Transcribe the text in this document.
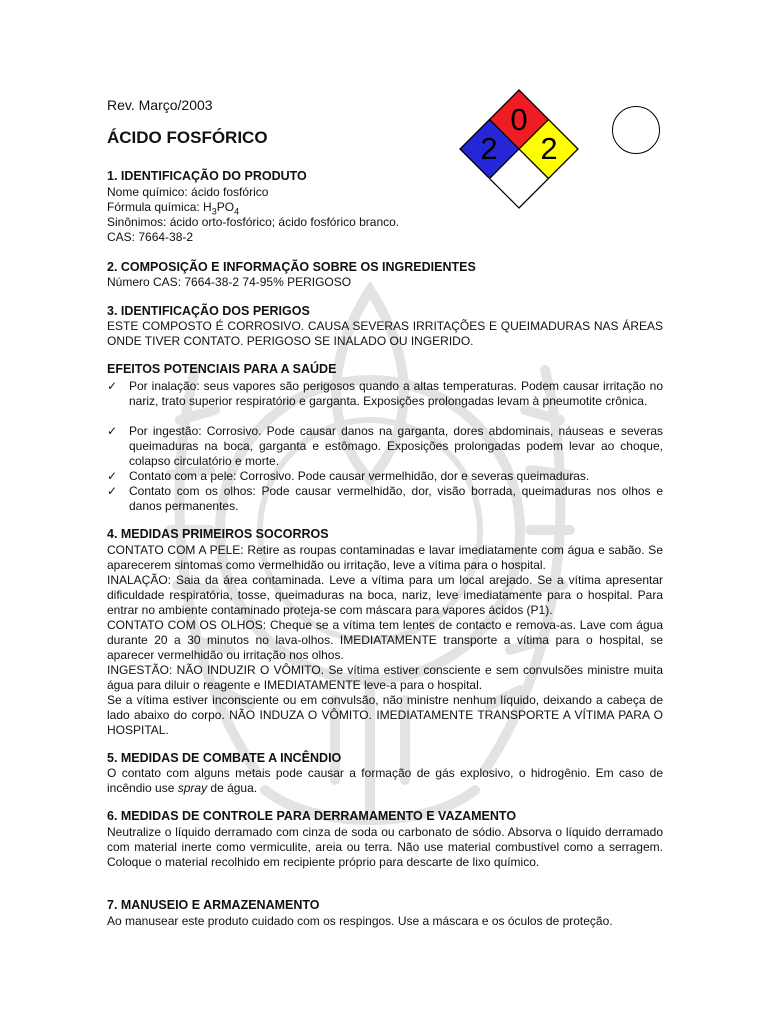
0
2 2
Rev. Março/2003
ÁCIDO FOSFÓRICO
1. IDENTIFICAÇÃO DO PRODUTO
Nome químico: ácido fosfórico
Fórmula química: $H_3PO_4$
Sinônimos: ácido orto-fosfórico; ácido fosfórico branco.
CAS: 7664-38-2
2. COMPOSIÇÃO E INFORMAÇÃO SOBRE OS INGREDIENTES
Número CAS: 7664-38-2 74-95% PERIGOSO
3. IDENTIFICAÇÃO DOS PERIGOS
ESTE COMPOSTO É CORROSIVO. CAUSA SEVERAS IRRITAÇÕES E QUEIMADURAS NAS ÁREAS ONDE TIVER CONTATO. PERIGOSO SE INALADO OU INGERIDO.
EFEITOS POTENCIAIS PARA A SAÚDE
✓ Por inalação: seus vapores são perigosos quando a altas temperaturas. Podem causar irritação no nariz, trato superior respiratório e garganta. Exposições prolongadas levam à pneumotite crônica.
✓ Por ingestão: Corrosivo. Pode causar danos na garganta, dores abdominais, náuseas e severas queimaduras na boca, garganta e estômago. Exposições prolongadas podem levar ao choque, colapso circulatório e morte.
✓ Contato com a pele: Corrosivo. Pode causar vermelhidão, dor e severas queimaduras.
✓ Contato com os olhos: Pode causar vermelhidão, dor, visão borrada, queimaduras nos olhos e danos permanentes.
4. MEDIDAS PRIMEIROS SOCORROS
CONTATO COM A PELE: Retire as roupas contaminadas e lavar imediatamente com água e sabão. Se aparecerem sintomas como vermelhidão ou irritação, leve a vítima para o hospital.
INALAÇÃO: Saia da área contaminada. Leve a vítima para um local arejado. Se a vítima apresentar dificuldade respiratória, tosse, queimaduras na boca, nariz, leve imediatamente para o hospital. Para entrar no ambiente contaminado proteja-se com máscara para vapores ácidos (P1).
CONTATO COM OS OLHOS: Cheque se a vítima tem lentes de contacto e remova-as. Lave com água durante 20 a 30 minutos no lava-olhos. IMEDIATAMENTE transporte a vítima para o hospital, se aparecer vermelhidão ou irritação nos olhos.
INGESTÃO: NÃO INDUZIR O VÔMITO. Se vítima estiver consciente e sem convulsões ministre muita água para diluir o reagente e IMEDIATAMENTE leve-a para o hospital.
Se a vítima estiver inconsciente ou em convulsão, não ministre nenhum líquido, deixando a cabeça de lado abaixo do corpo. NÃO INDUZA O VÔMITO. IMEDIATAMENTE TRANSPORTE A VÍTIMA PARA O HOSPITAL.
5. MEDIDAS DE COMBATE A INCÊNDIO
O contato com alguns metais pode causar a formação de gás explosivo, o hidrogênio. Em caso de incêndio use spray de água.
6. MEDIDAS DE CONTROLE PARA DERRAMAMENTO E VAZAMENTO
Neutralize o líquido derramado com cinza de soda ou carbonato de sódio. Absorva o líquido derramado com material inerte como vermiculite, areia ou terra. Não use material combustível como a serragem. Coloque o material recolhido em recipiente próprio para descarte de lixo químico.
7. MANUSEIO E ARMAZENAMENTO
Ao manusear este produto cuidado com os respingos. Use a máscara e os óculos de proteção.
